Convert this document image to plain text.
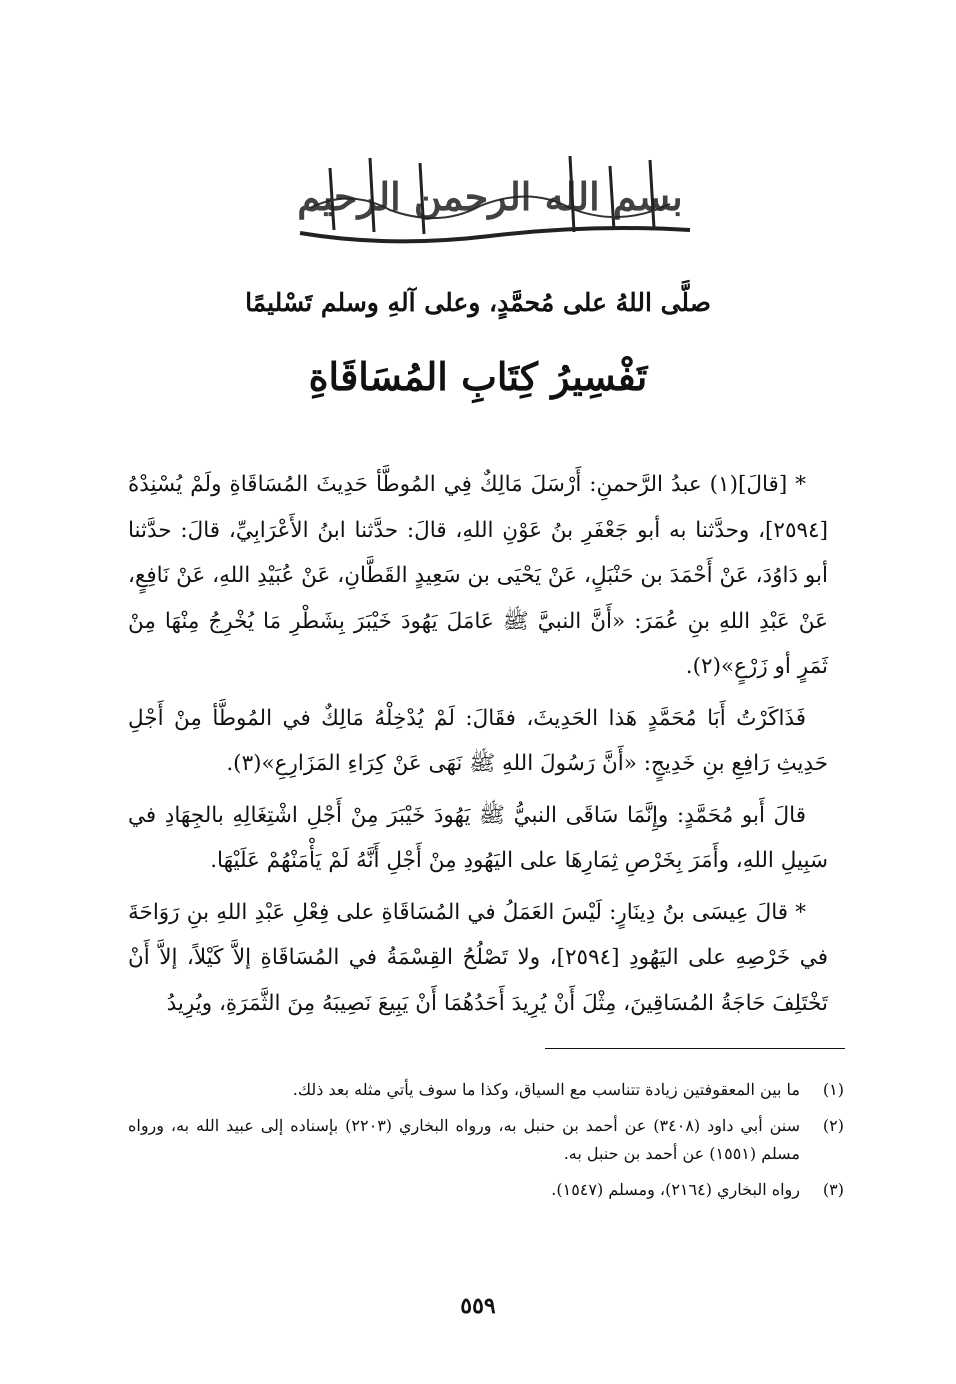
بسم الله الرحمن الرحيم
صلَّى اللهُ على مُحمَّدٍ، وعلى آلهِ وسلم تَسْليمًا
تَفْسِيرُ كِتَابِ المُسَاقَاةِ

* [قالَ](١) عبدُ الرَّحمنِ: أَرْسَلَ مَالِكٌ فِي المُوطَّأ حَدِيثَ المُسَاقَاةِ ولَمْ يُسْنِدْهُ [٢٥٩٤]، وحدَّثنا به أبو جَعْفَرِ بنُ عَوْنِ اللهِ، قالَ: حدَّثنا ابنُ الأَعْرَابِيِّ، قالَ: حدَّثنا أبو دَاوُدَ، عَنْ أَحْمَدَ بن حَنْبَلٍ، عَنْ يَحْيَى بن سَعِيدٍ القَطَّانِ، عَنْ عُبَيْدِ اللهِ، عَنْ نَافِعٍ، عَنْ عَبْدِ اللهِ بنِ عُمَرَ: «أَنَّ النبيَّ ﷺ عَامَلَ يَهُودَ خَيْبَرَ بِشَطْرِ مَا يُخْرِجُ مِنْهَا مِنْ ثَمَرٍ أو زَرْعٍ»(٢).

فَذَاكَرْتُ أَبَا مُحَمَّدٍ هَذا الحَدِيثَ، فقَالَ: لَمْ يُدْخِلْهُ مَالِكٌ في المُوطَّأ مِنْ أَجْلِ حَدِيثِ رَافِعِ بنِ خَدِيجٍ: «أَنَّ رَسُولَ اللهِ ﷺ نَهَى عَنْ كِرَاءِ المَزَارِعِ»(٣).

قالَ أَبو مُحَمَّدٍ: وإِنَّمَا سَاقَى النبيُّ ﷺ يَهُودَ خَيْبَرَ مِنْ أَجْلِ اشْتِغَالِهِ بالجِهَادِ في سَبِيلِ اللهِ، وأَمَرَ بِخَرْصِ ثِمَارِهَا على اليَهُودِ مِنْ أَجْلِ أَنَّهُ لَمْ يَأْمَنْهُمْ عَلَيْهَا.

* قالَ عِيسَى بنُ دِينَارٍ: لَيْسَ العَمَلُ في المُسَاقَاةِ على فِعْلِ عَبْدِ اللهِ بنِ رَوَاحَةَ في خَرْصِهِ على اليَهُودِ [٢٥٩٤]، ولا تَصْلُحُ القِسْمَةُ في المُسَاقَاةِ إلاَّ كَيْلاً، إلاَّ أَنْ تَخْتَلِفَ حَاجَةُ المُسَاقِينَ، مِثْلَ أَنْ يُرِيدَ أَحَدُهُمَا أَنْ يَبِيعَ نَصِيبَهُ مِنَ الثَّمَرَةِ، ويُرِيدُ

(١)
ما بين المعقوفتين زيادة تتناسب مع السياق، وكذا ما سوف يأتي مثله بعد ذلك.
(٢)
سنن أبي داود (٣٤٠٨) عن أحمد بن حنبل به، ورواه البخاري (٢٢٠٣) بإسناده إلى عبيد الله به، ورواه مسلم (١٥٥١) عن أحمد بن حنبل به.
(٣)
رواه البخاري (٢١٦٤)، ومسلم (١٥٤٧).
٥٥٩
